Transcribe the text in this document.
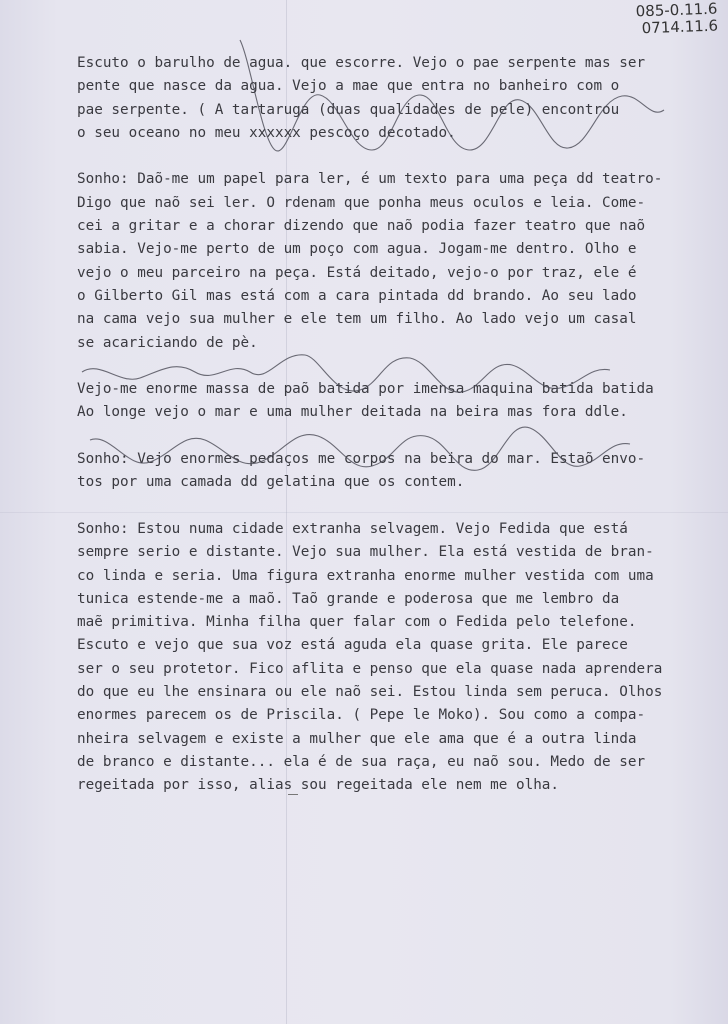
085-0.11.6
0714.11.6
Escuto o barulho de agua. que escorre. Vejo o pae serpente mas ser
pente que nasce da agua. Vejo a mae que entra no banheiro com o
pae serpente. ( A tartaruga (duas qualidades de pele) encontrou
o seu oceano no meu xxxxxx pescoço decotado.
Sonho: Daõ-me um papel para ler, é um texto para uma peça dd teatro-
Digo que naõ sei ler. O rdenam que ponha meus oculos e leia. Come-
cei a gritar e a chorar dizendo que naõ podia fazer teatro que naõ
sabia. Vejo-me perto de um poço com agua. Jogam-me dentro. Olho e
vejo o meu parceiro na peça. Está deitado, vejo-o por traz, ele é
o Gilberto Gil mas está com a cara pintada dd brando. Ao seu lado
na cama vejo sua mulher e ele tem um filho. Ao lado vejo um casal
se acariciando de pè.
Vejo-me enorme massa de paõ batida por imensa maquina batida batida
Ao longe vejo o mar e uma mulher deitada na beira mas fora ddle.
Sonho: Vejo enormes pedaços me corpos na beira do mar. Estaõ envo-
tos por uma camada dd gelatina que os contem.
Sonho: Estou numa cidade extranha selvagem. Vejo Fedida que está
sempre serio e distante. Vejo sua mulher. Ela está vestida de bran-
co linda e seria. Uma figura extranha enorme mulher vestida com uma
tunica estende-me a maõ. Taõ grande e poderosa que me lembro da
maẽ primitiva. Minha filha quer falar com o Fedida pelo telefone.
Escuto e vejo que sua voz está aguda ela quase grita. Ele parece
ser o seu protetor. Fico aflita e penso que ela quase nada aprendera
do que eu lhe ensinara ou ele naõ sei. Estou linda sem peruca. Olhos
enormes parecem os de Priscila. ( Pepe le Moko). Sou como a compa-
nheira selvagem e existe a mulher que ele ama que é a outra linda
de branco e distante... ela é de sua raça, eu naõ sou. Medo de ser
regeitada por isso, alias sou regeitada ele nem me olha.
